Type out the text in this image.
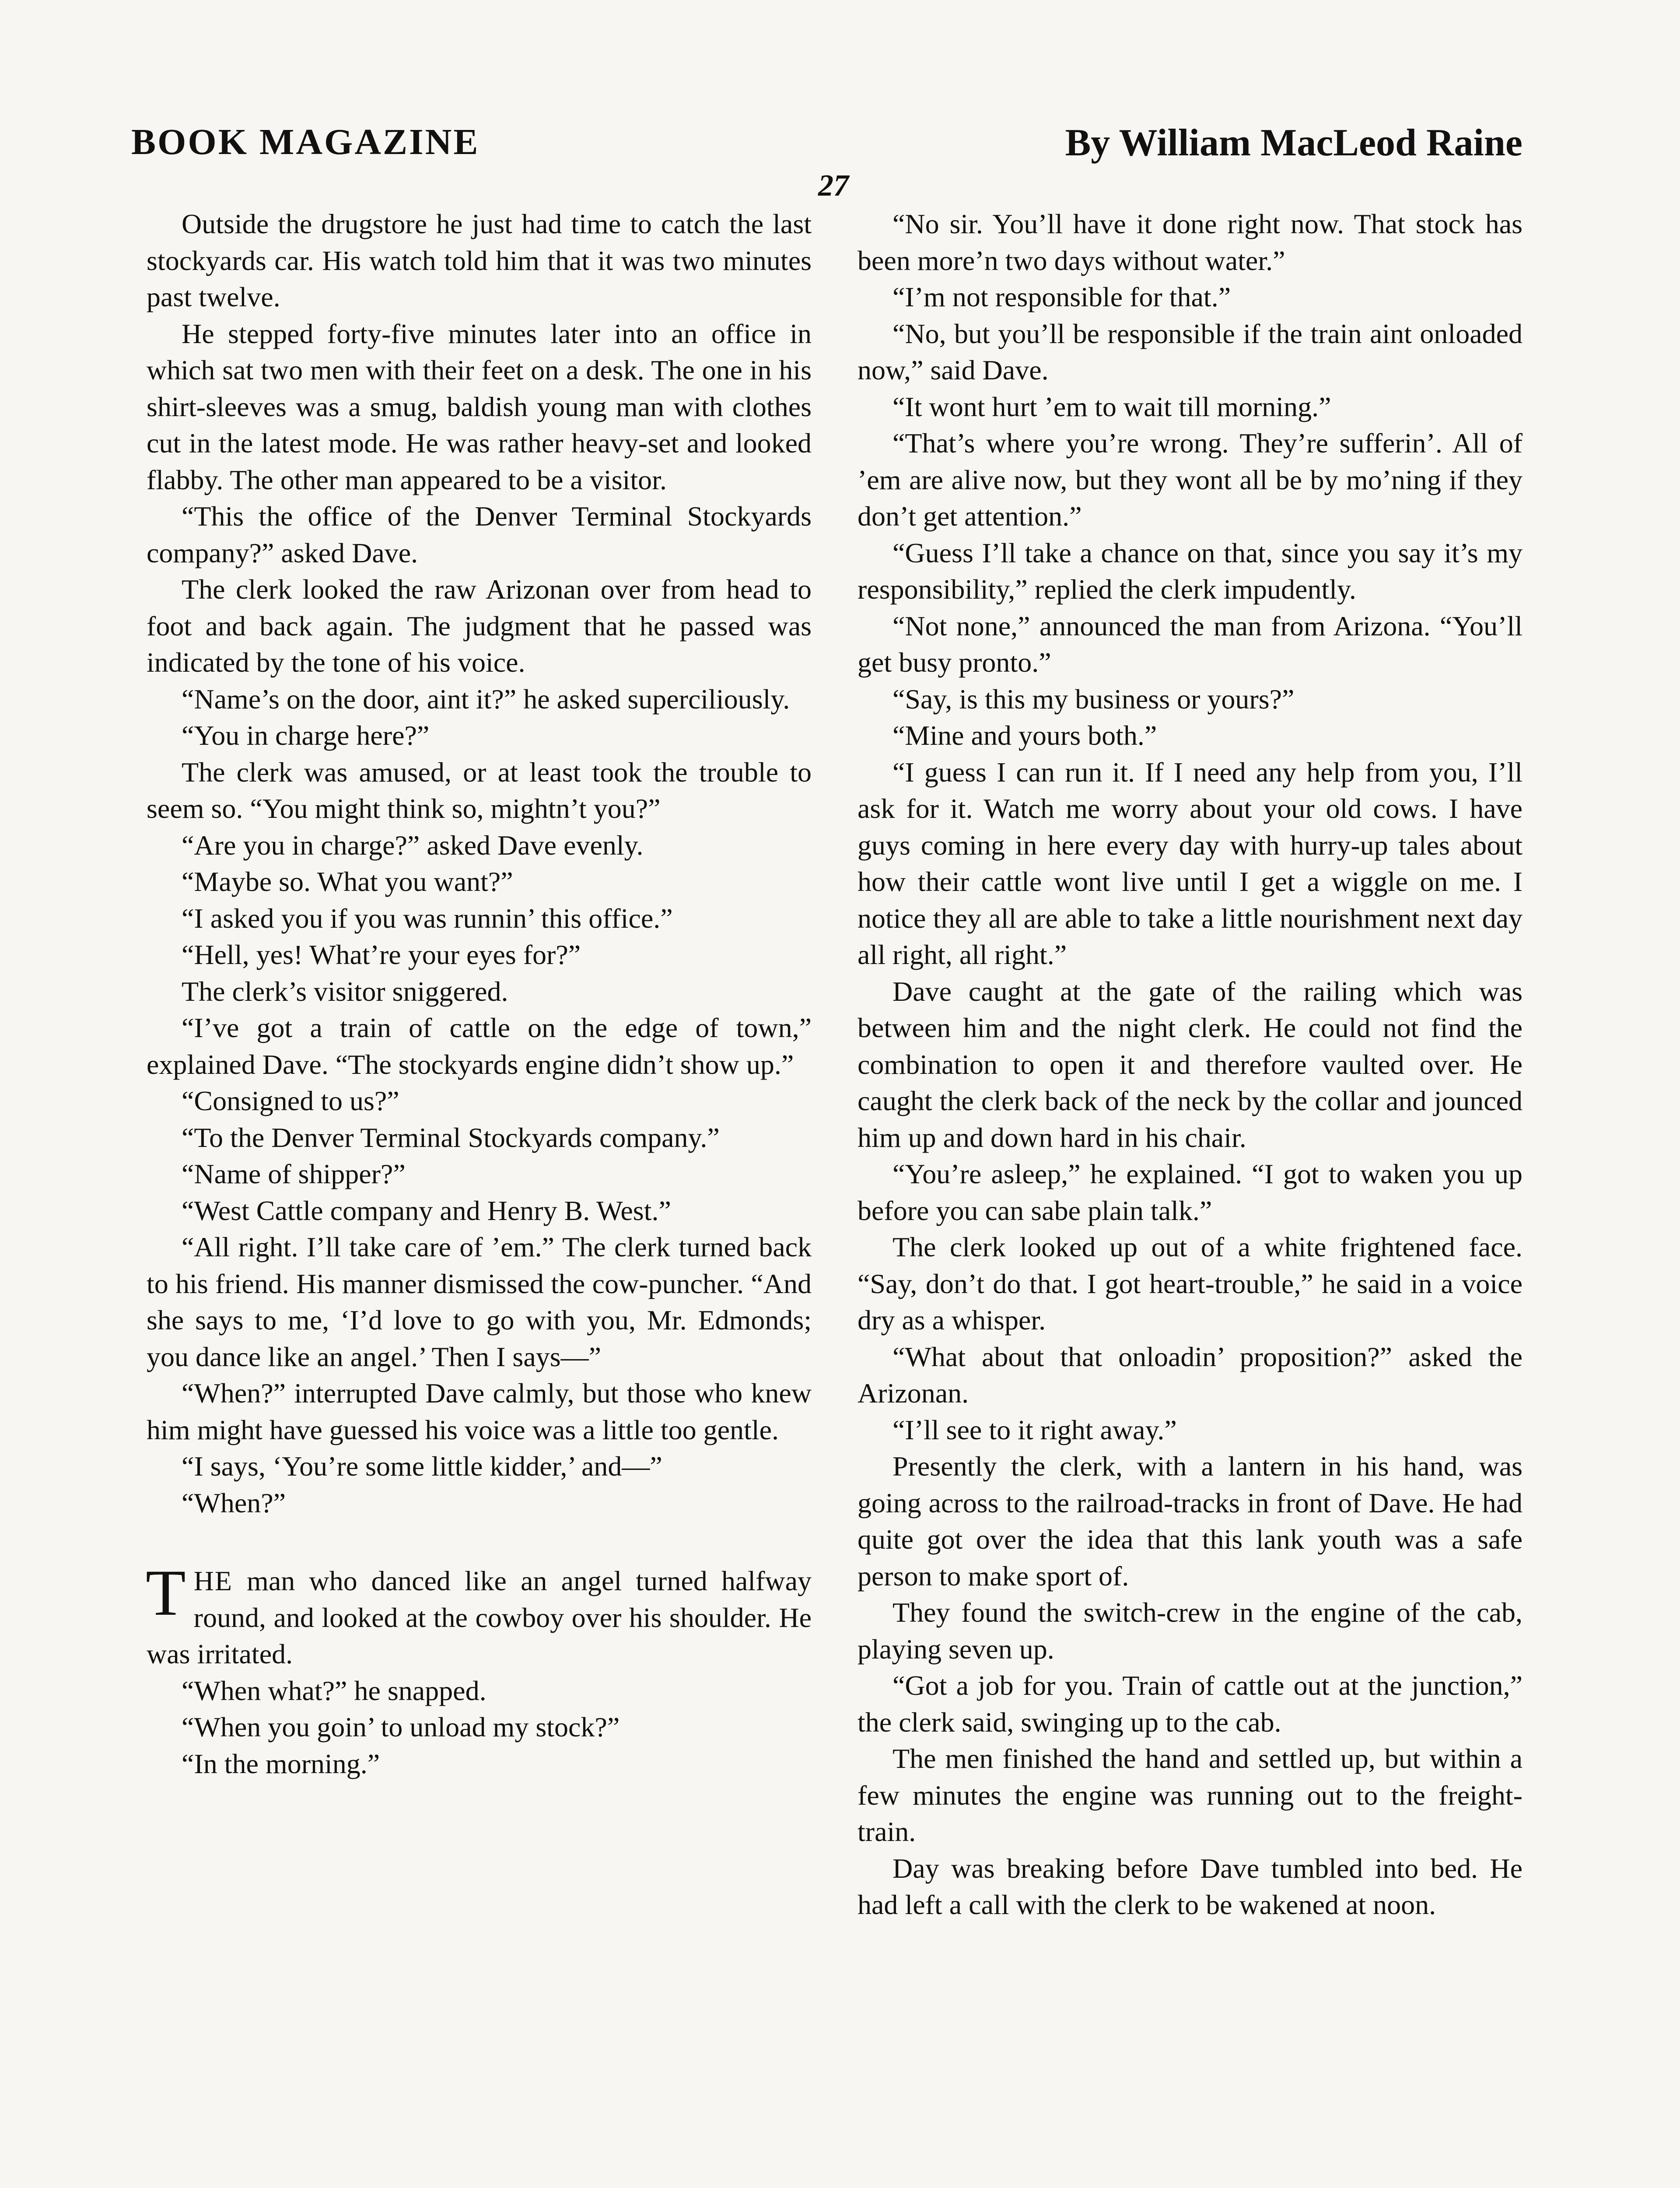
BOOK MAGAZINE	By William MacLeod Raine
27

Outside the drugstore he just had time to catch the last stockyards car. His watch told him that it was two minutes past twelve.

He stepped forty-five minutes later into an office in which sat two men with their feet on a desk. The one in his shirt-sleeves was a smug, baldish young man with clothes cut in the latest mode. He was rather heavy-set and looked flabby. The other man appeared to be a visitor.

“This the office of the Denver Terminal Stockyards company?” asked Dave.

The clerk looked the raw Arizonan over from head to foot and back again. The judgment that he passed was indicated by the tone of his voice.

“Name’s on the door, aint it?” he asked superciliously.

“You in charge here?”

The clerk was amused, or at least took the trouble to seem so. “You might think so, mightn’t you?”

“Are you in charge?” asked Dave evenly.

“Maybe so. What you want?”

“I asked you if you was runnin’ this office.”

“Hell, yes! What’re your eyes for?”

The clerk’s visitor sniggered.

“I’ve got a train of cattle on the edge of town,” explained Dave. “The stockyards engine didn’t show up.”

“Consigned to us?”

“To the Denver Terminal Stockyards company.”

“Name of shipper?”

“West Cattle company and Henry B. West.”

“All right. I’ll take care of ’em.” The clerk turned back to his friend. His manner dismissed the cow-puncher. “And she says to me, ‘I’d love to go with you, Mr. Edmonds; you dance like an angel.’ Then I says—”

“When?” interrupted Dave calmly, but those who knew him might have guessed his voice was a little too gentle.

“I says, ‘You’re some little kidder,’ and—”

“When?”

THE man who danced like an angel turned halfway round, and looked at the cowboy over his shoulder. He was irritated.

“When what?” he snapped.

“When you goin’ to unload my stock?”

“In the morning.”

“No sir. You’ll have it done right now. That stock has been more’n two days without water.”

“I’m not responsible for that.”

“No, but you’ll be responsible if the train aint onloaded now,” said Dave.

“It wont hurt ’em to wait till morning.”

“That’s where you’re wrong. They’re sufferin’. All of ’em are alive now, but they wont all be by mo’ning if they don’t get attention.”

“Guess I’ll take a chance on that, since you say it’s my responsibility,” replied the clerk impudently.

“Not none,” announced the man from Arizona. “You’ll get busy pronto.”

“Say, is this my business or yours?”

“Mine and yours both.”

“I guess I can run it. If I need any help from you, I’ll ask for it. Watch me worry about your old cows. I have guys coming in here every day with hurry-up tales about how their cattle wont live until I get a wiggle on me. I notice they all are able to take a little nourishment next day all right, all right.”

Dave caught at the gate of the railing which was between him and the night clerk. He could not find the combination to open it and therefore vaulted over. He caught the clerk back of the neck by the collar and jounced him up and down hard in his chair.

“You’re asleep,” he explained. “I got to waken you up before you can sabe plain talk.”

The clerk looked up out of a white frightened face. “Say, don’t do that. I got heart-trouble,” he said in a voice dry as a whisper.

“What about that onloadin’ proposition?” asked the Arizonan.

“I’ll see to it right away.”

Presently the clerk, with a lantern in his hand, was going across to the railroad-tracks in front of Dave. He had quite got over the idea that this lank youth was a safe person to make sport of.

They found the switch-crew in the engine of the cab, playing seven up.

“Got a job for you. Train of cattle out at the junction,” the clerk said, swinging up to the cab.

The men finished the hand and settled up, but within a few minutes the engine was running out to the freight-train.

Day was breaking before Dave tumbled into bed. He had left a call with the clerk to be wakened at noon.
